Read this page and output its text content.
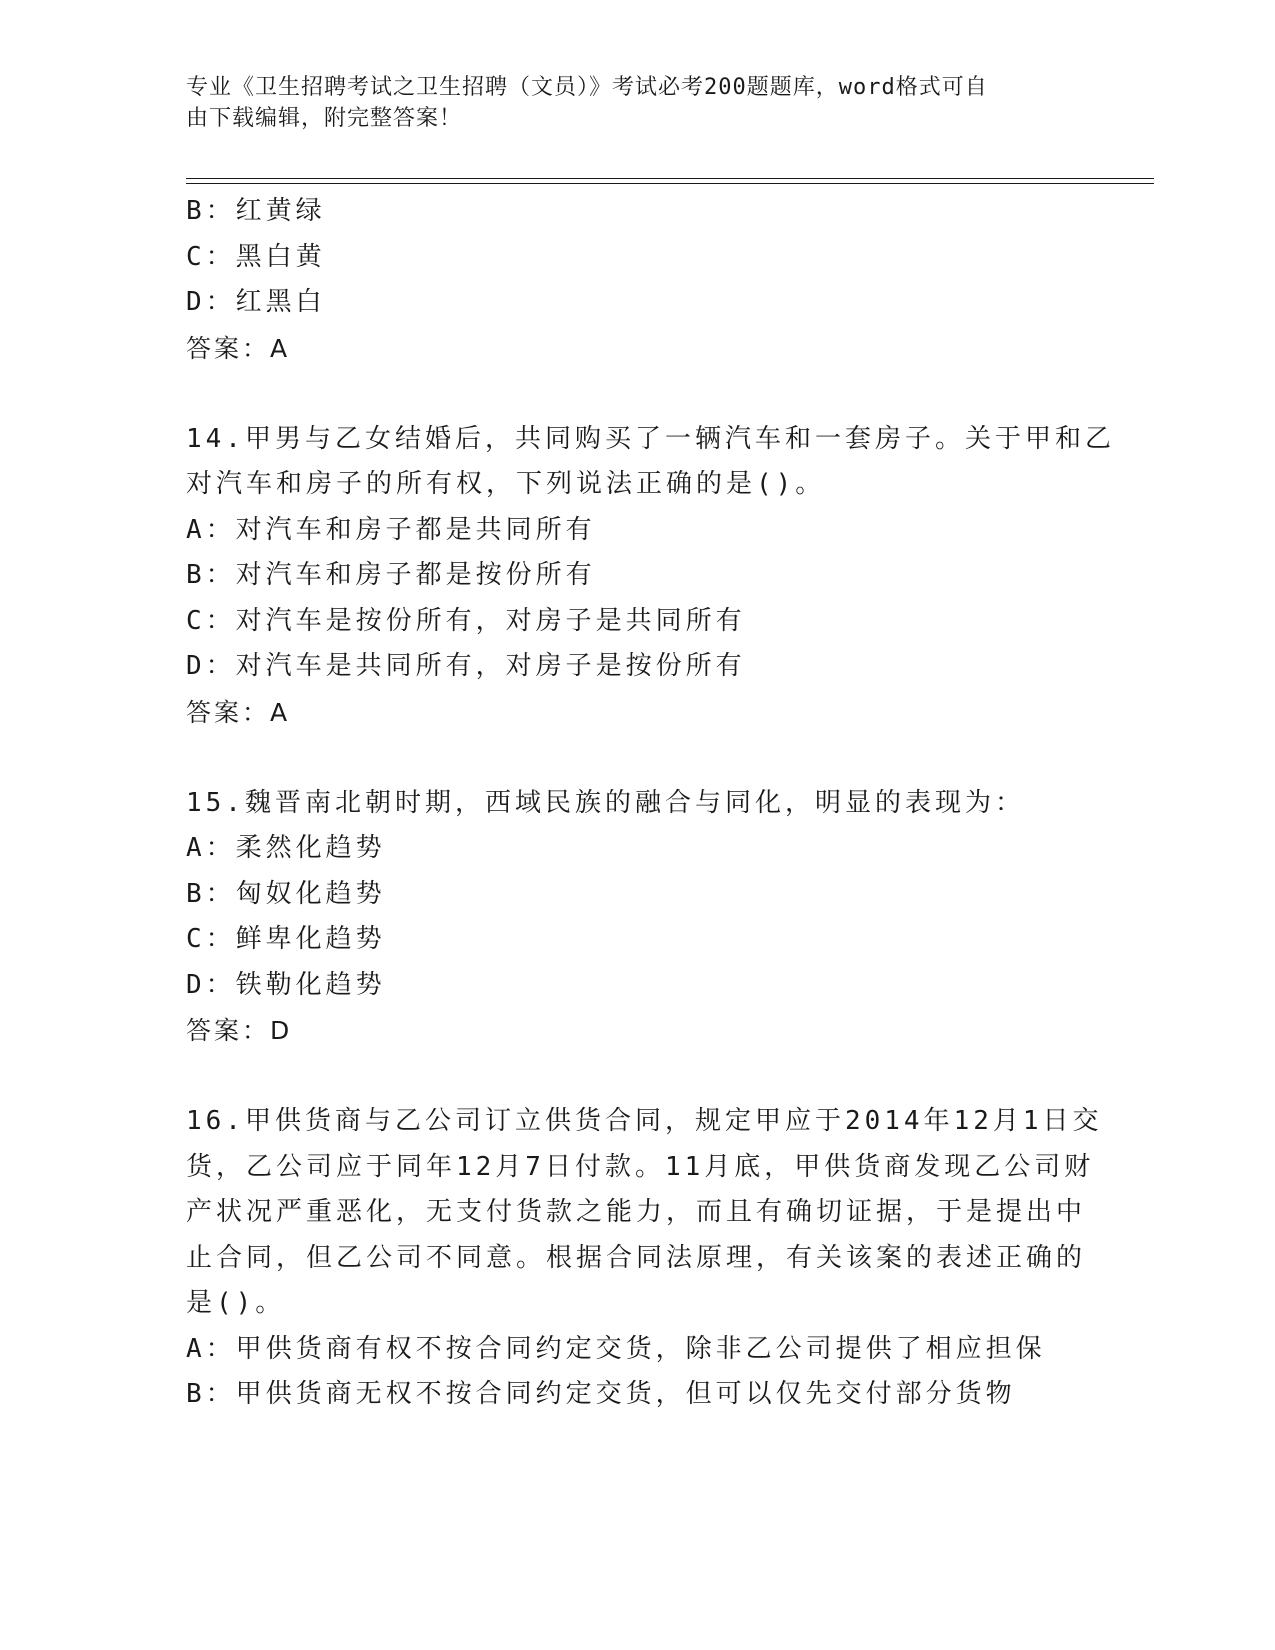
专业《卫生招聘考试之卫生招聘（文员）》考试必考200题题库，word格式可自
由下载编辑，附完整答案！
B：红黄绿
C：黑白黄
D：红黑白
答案：A
14.甲男与乙女结婚后，共同购买了一辆汽车和一套房子。关于甲和乙
对汽车和房子的所有权，下列说法正确的是()。
A：对汽车和房子都是共同所有
B：对汽车和房子都是按份所有
C：对汽车是按份所有，对房子是共同所有
D：对汽车是共同所有，对房子是按份所有
答案：A
15.魏晋南北朝时期，西域民族的融合与同化，明显的表现为：
A：柔然化趋势
B：匈奴化趋势
C：鲜卑化趋势
D：铁勒化趋势
答案：D
16.甲供货商与乙公司订立供货合同，规定甲应于2014年12月1日交
货，乙公司应于同年12月7日付款。11月底，甲供货商发现乙公司财
产状况严重恶化，无支付货款之能力，而且有确切证据，于是提出中
止合同，但乙公司不同意。根据合同法原理，有关该案的表述正确的
是()。
A：甲供货商有权不按合同约定交货，除非乙公司提供了相应担保
B：甲供货商无权不按合同约定交货，但可以仅先交付部分货物
